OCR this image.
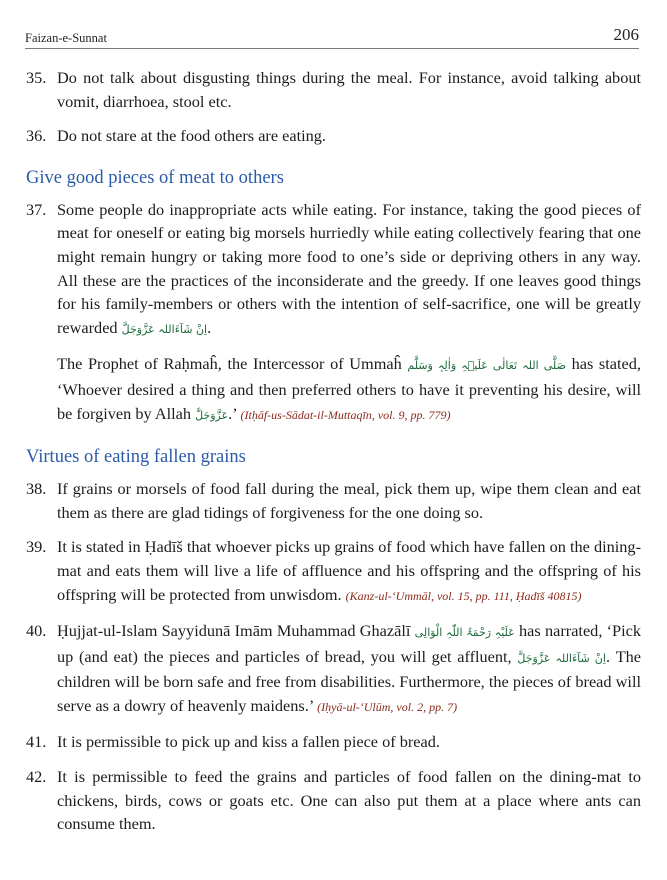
Faizan-e-Sunnat	206
35. Do not talk about disgusting things during the meal. For instance, avoid talking about vomit, diarrhoea, stool etc.
36. Do not stare at the food others are eating.
Give good pieces of meat to others
37. Some people do inappropriate acts while eating. For instance, taking the good pieces of meat for oneself or eating big morsels hurriedly while eating collectively fearing that one might remain hungry or taking more food to one’s side or depriving others in any way. All these are the practices of the inconsiderate and the greedy. If one leaves good things for his family-members or others with the intention of self-sacrifice, one will be greatly rewarded اِنْ شَآءَاللہ عَزَّوَجَلَّ.
The Prophet of Raḥmaĥ, the Intercessor of Ummaĥ صَلَّی اللہ تَعَالٰی عَلَیۡہِ وَاٰلِہٖ وَسَلَّم has stated, ‘Whoever desired a thing and then preferred others to have it preventing his desire, will be forgiven by Allah عَزَّوَجَلَّ.’ (Itḥāf-us-Sādat-il-Muttaqīn, vol. 9, pp. 779)
Virtues of eating fallen grains
38. If grains or morsels of food fall during the meal, pick them up, wipe them clean and eat them as there are glad tidings of forgiveness for the one doing so.
39. It is stated in Ḥadīš that whoever picks up grains of food which have fallen on the dining-mat and eats them will live a life of affluence and his offspring and the offspring of his offspring will be protected from unwisdom. (Kanz-ul-‘Ummāl, vol. 15, pp. 111, Ḥadīš 40815)
40. Ḥujjat-ul-Islam Sayyidunā Imām Muhammad Ghazālī عَلَیْہِ رَحْمَۃُ اللّٰہِ الْوَالِی has narrated, ‘Pick up (and eat) the pieces and particles of bread, you will get affluent, اِنْ شَآءَاللہ عَزَّوَجَلَّ. The children will be born safe and free from disabilities. Furthermore, the pieces of bread will serve as a dowry of heavenly maidens.’ (Iḥyā-ul-‘Ulūm, vol. 2, pp. 7)
41. It is permissible to pick up and kiss a fallen piece of bread.
42. It is permissible to feed the grains and particles of food fallen on the dining-mat to chickens, birds, cows or goats etc. One can also put them at a place where ants can consume them.
